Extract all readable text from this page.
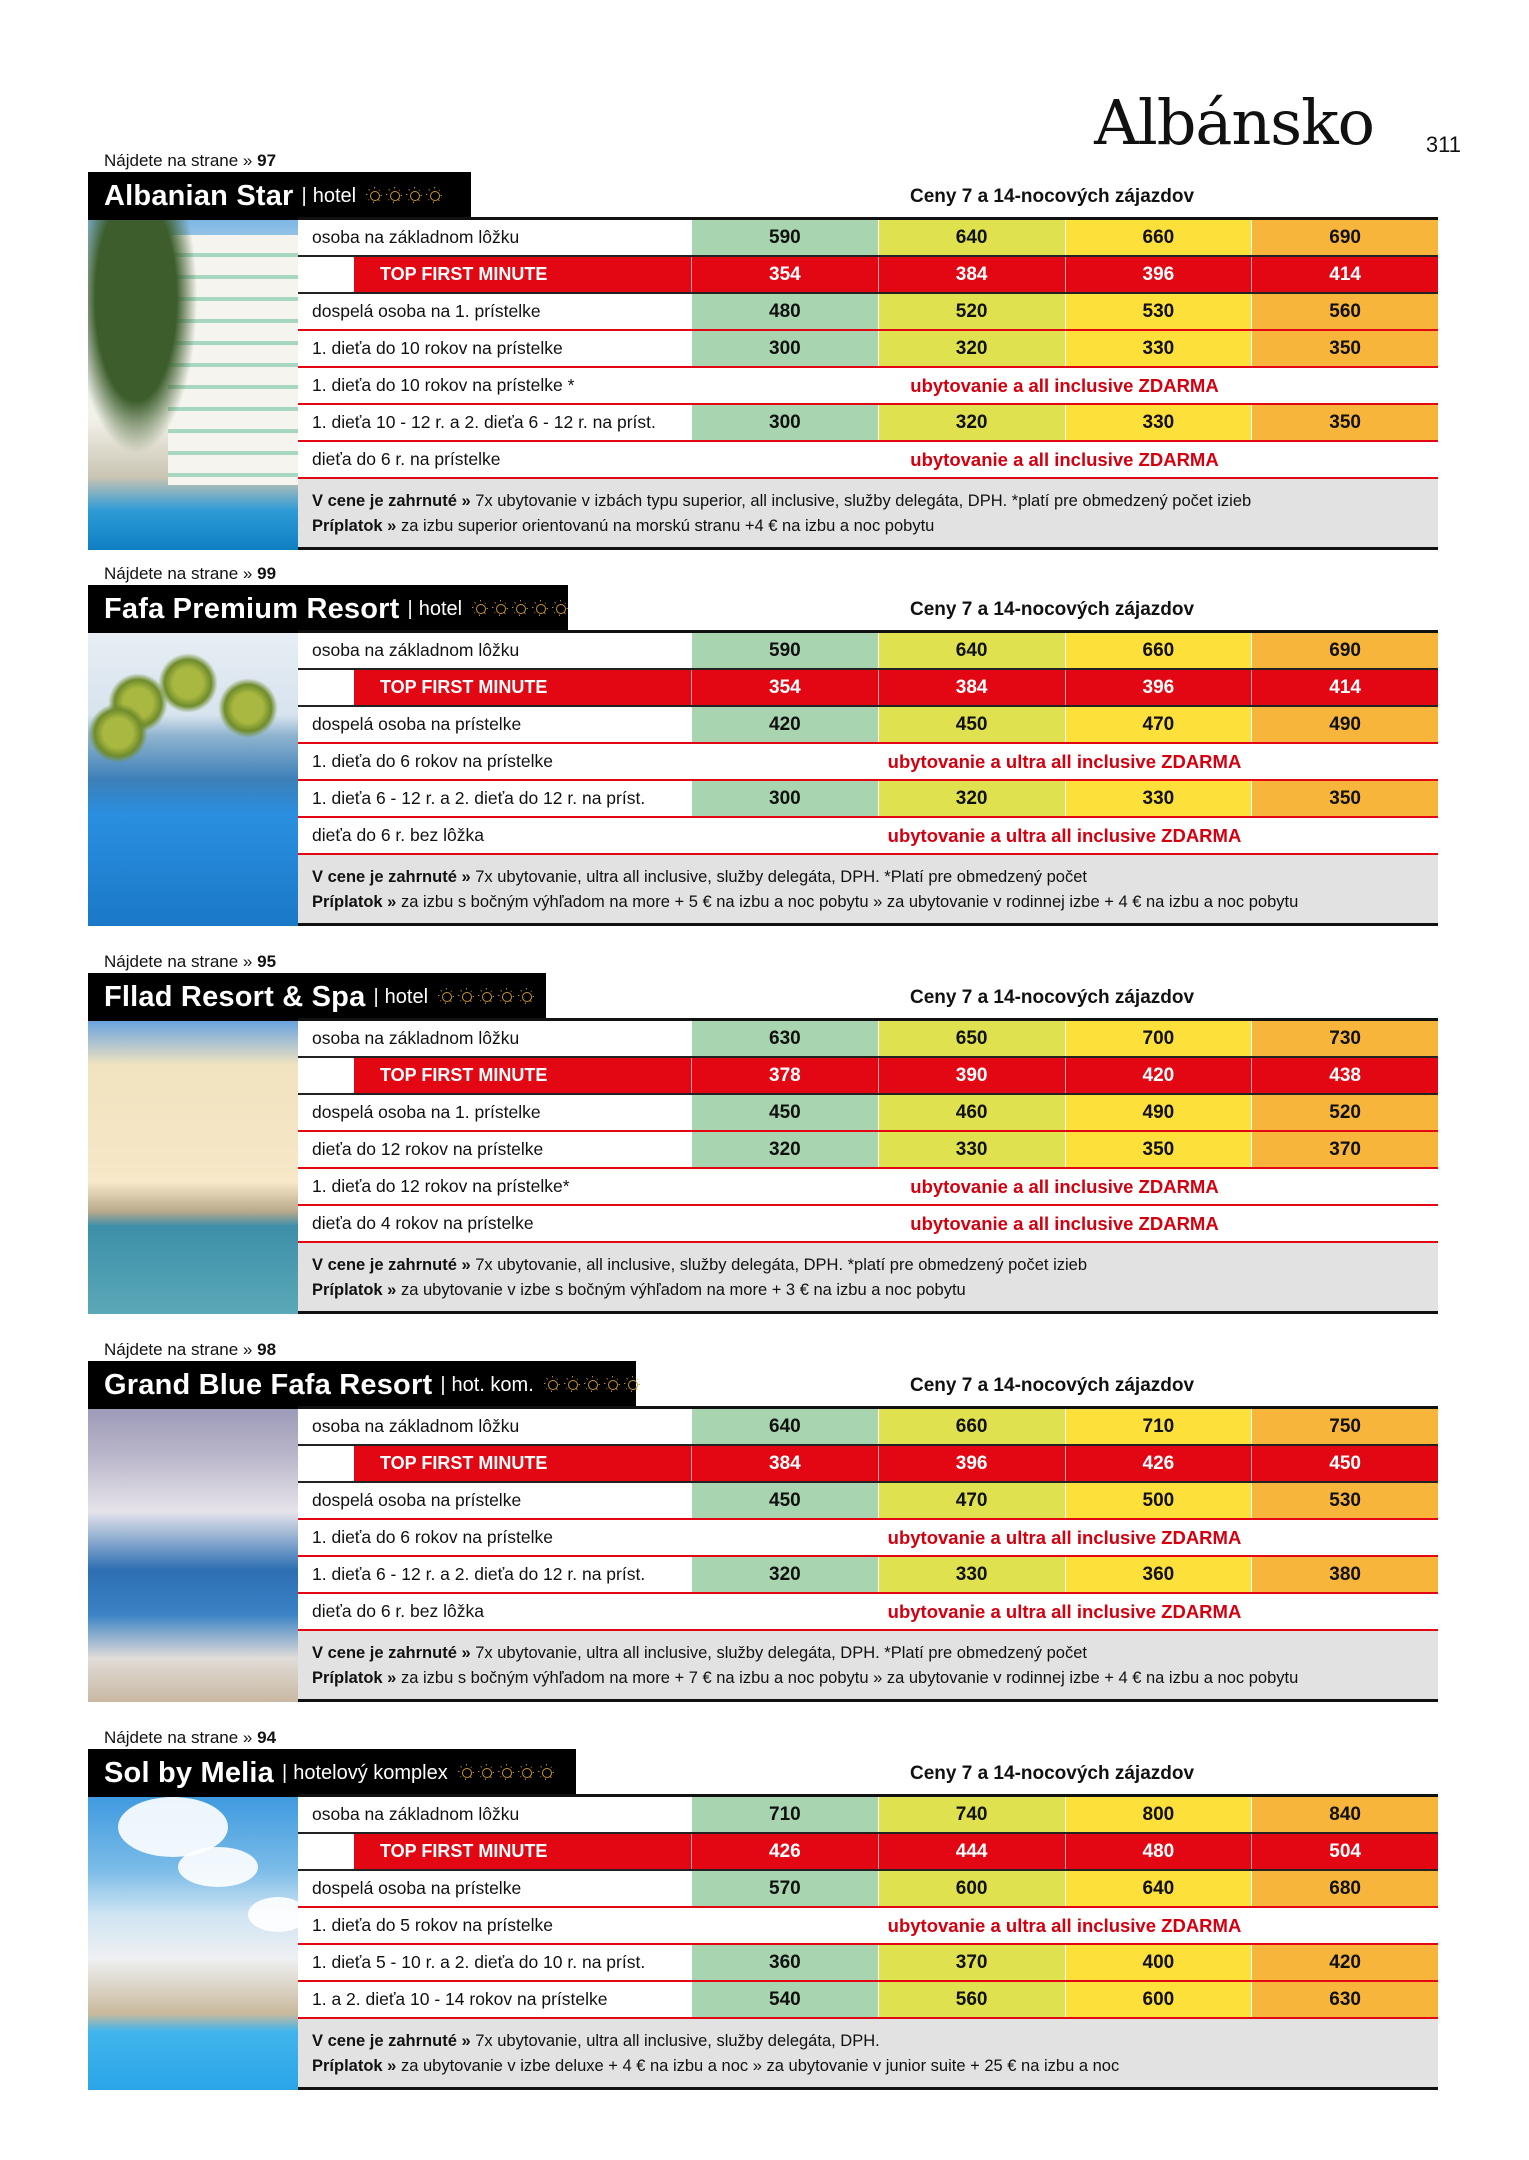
Albánsko 311
Nájdete na strane » 97
Albanian Star | hotel	Ceny 7 a 14-nocových zájazdov
osoba na základnom lôžku	590	640	660	690
TOP FIRST MINUTE	354	384	396	414
dospelá osoba na 1. prístelke	480	520	530	560
1. dieťa do 10 rokov na prístelke	300	320	330	350
1. dieťa do 10 rokov na prístelke *	ubytovanie a all inclusive ZDARMA
1. dieťa 10 - 12 r. a 2. dieťa 6 - 12 r. na príst.	300	320	330	350
dieťa do 6 r. na prístelke	ubytovanie a all inclusive ZDARMA
V cene je zahrnuté » 7x ubytovanie v izbách typu superior, all inclusive, služby delegáta, DPH. *platí pre obmedzený počet izieb
Príplatok » za izbu superior orientovanú na morskú stranu +4 € na izbu a noc pobytu
Nájdete na strane » 99
Fafa Premium Resort | hotel	Ceny 7 a 14-nocových zájazdov
osoba na základnom lôžku	590	640	660	690
TOP FIRST MINUTE	354	384	396	414
dospelá osoba na prístelke	420	450	470	490
1. dieťa do 6 rokov na prístelke	ubytovanie a ultra all inclusive ZDARMA
1. dieťa 6 - 12 r. a 2. dieťa do 12 r. na príst.	300	320	330	350
dieťa do 6 r. bez lôžka	ubytovanie a ultra all inclusive ZDARMA
V cene je zahrnuté » 7x ubytovanie, ultra all inclusive, služby delegáta, DPH. *Platí pre obmedzený počet
Príplatok » za izbu s bočným výhľadom na more + 5 € na izbu a noc pobytu » za ubytovanie v rodinnej izbe + 4 € na izbu a noc pobytu
Nájdete na strane » 95
Fllad Resort & Spa | hotel	Ceny 7 a 14-nocových zájazdov
osoba na základnom lôžku	630	650	700	730
TOP FIRST MINUTE	378	390	420	438
dospelá osoba na 1. prístelke	450	460	490	520
dieťa do 12 rokov na prístelke	320	330	350	370
1. dieťa do 12 rokov na prístelke*	ubytovanie a all inclusive ZDARMA
dieťa do 4 rokov na prístelke	ubytovanie a all inclusive ZDARMA
V cene je zahrnuté » 7x ubytovanie, all inclusive, služby delegáta, DPH. *platí pre obmedzený počet izieb
Príplatok » za ubytovanie v izbe s bočným výhľadom na more + 3 € na izbu a noc pobytu
Nájdete na strane » 98
Grand Blue Fafa Resort | hot. kom.	Ceny 7 a 14-nocových zájazdov
osoba na základnom lôžku	640	660	710	750
TOP FIRST MINUTE	384	396	426	450
dospelá osoba na prístelke	450	470	500	530
1. dieťa do 6 rokov na prístelke	ubytovanie a ultra all inclusive ZDARMA
1. dieťa 6 - 12 r. a 2. dieťa do 12 r. na príst.	320	330	360	380
dieťa do 6 r. bez lôžka	ubytovanie a ultra all inclusive ZDARMA
V cene je zahrnuté » 7x ubytovanie, ultra all inclusive, služby delegáta, DPH. *Platí pre obmedzený počet
Príplatok » za izbu s bočným výhľadom na more + 7 € na izbu a noc pobytu » za ubytovanie v rodinnej izbe + 4 € na izbu a noc pobytu
Nájdete na strane » 94
Sol by Melia | hotelový komplex	Ceny 7 a 14-nocových zájazdov
osoba na základnom lôžku	710	740	800	840
TOP FIRST MINUTE	426	444	480	504
dospelá osoba na prístelke	570	600	640	680
1. dieťa do 5 rokov na prístelke	ubytovanie a ultra all inclusive ZDARMA
1. dieťa 5 - 10 r. a 2. dieťa do 10 r. na príst.	360	370	400	420
1. a 2. dieťa 10 - 14 rokov na prístelke	540	560	600	630
V cene je zahrnuté » 7x ubytovanie, ultra all inclusive, služby delegáta, DPH.
Príplatok » za ubytovanie v izbe deluxe + 4 € na izbu a noc » za ubytovanie v junior suite + 25 € na izbu a noc
